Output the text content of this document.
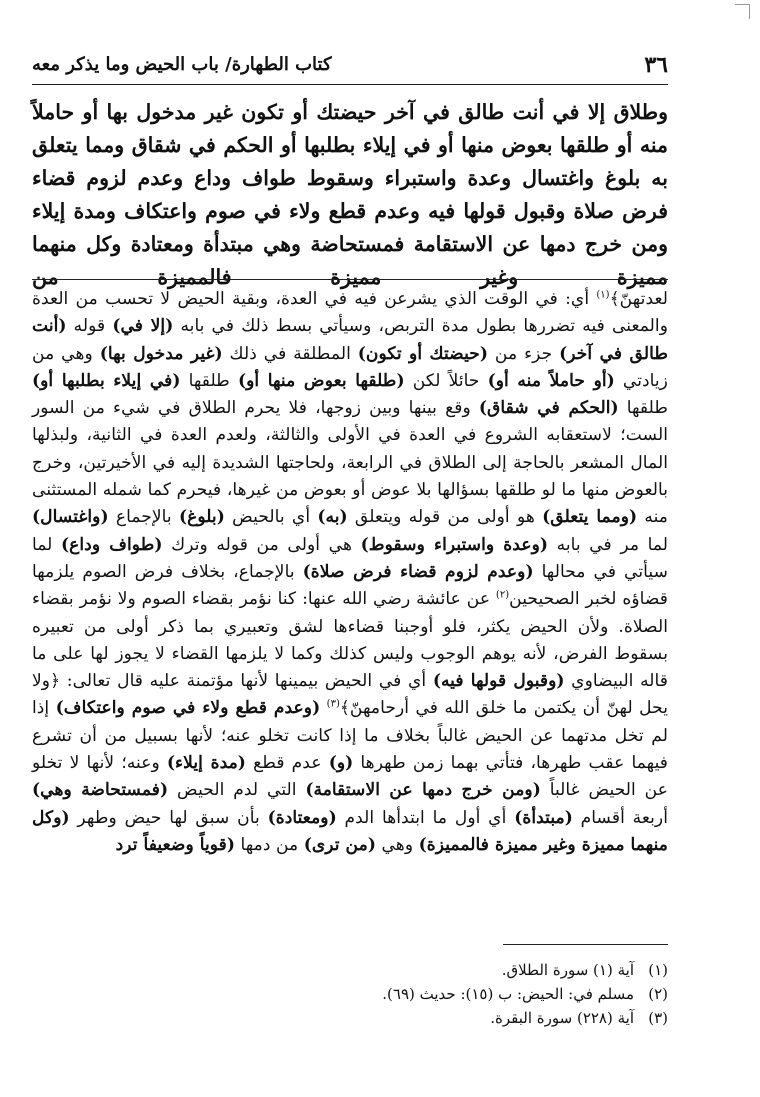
٣٦
كتاب الطهارة/ باب الحيض وما يذكر معه
وطلاق إلا في أنت طالق في آخر حيضتك أو تكون غير مدخول بها أو حاملاً منه أو طلقها بعوض منها أو في إيلاء بطلبها أو الحكم في شقاق ومما يتعلق به بلوغ واغتسال وعدة واستبراء وسقوط طواف وداع وعدم لزوم قضاء فرض صلاة وقبول قولها فيه وعدم قطع ولاء في صوم واعتكاف ومدة إيلاء ومن خرج دمها عن الاستقامة فمستحاضة وهي مبتدأة ومعتادة وكل منهما مميزة وغير مميزة فالمميزة من
لعدتهنّ﴾$^{(١)}$ أي: في الوقت الذي يشرعن فيه في العدة، وبقية الحيض لا تحسب من العدة والمعنى فيه تضررها بطول مدة التربص، وسيأتي بسط ذلك في بابه (إلا في) قوله (أنت طالق في آخر) جزء من (حيضتك أو تكون) المطلقة في ذلك (غير مدخول بها) وهي من زيادتي (أو حاملاً منه أو) حائلاً لكن (طلقها بعوض منها أو) طلقها (في إيلاء بطلبها أو) طلقها (الحكم في شقاق) وقع بينها وبين زوجها، فلا يحرم الطلاق في شيء من السور الست؛ لاستعقابه الشروع في العدة في الأولى والثالثة، ولعدم العدة في الثانية، ولبذلها المال المشعر بالحاجة إلى الطلاق في الرابعة، ولحاجتها الشديدة إليه في الأخيرتين، وخرج بالعوض منها ما لو طلقها بسؤالها بلا عوض أو بعوض من غيرها، فيحرم كما شمله المستثنى منه (ومما يتعلق) هو أولى من قوله ويتعلق (به) أي بالحيض (بلوغ) بالإجماع (واغتسال) لما مر في بابه (وعدة واستبراء وسقوط) هي أولى من قوله وترك (طواف وداع) لما سيأتي في محالها (وعدم لزوم قضاء فرض صلاة) بالإجماع، بخلاف فرض الصوم يلزمها قضاؤه لخبر الصحيحين$^{(٢)}$ عن عائشة رضي الله عنها: كنا نؤمر بقضاء الصوم ولا نؤمر بقضاء الصلاة. ولأن الحيض يكثر، فلو أوجبنا قضاءها لشق وتعبيري بما ذكر أولى من تعبيره بسقوط الفرض، لأنه يوهم الوجوب وليس كذلك وكما لا يلزمها القضاء لا يجوز لها على ما قاله البيضاوي (وقبول قولها فيه) أي في الحيض بيمينها لأنها مؤتمنة عليه قال تعالى: ﴿ولا يحل لهنّ أن يكتمن ما خلق الله في أرحامهنّ﴾$^{(٣)}$ (وعدم قطع ولاء في صوم واعتكاف) إذا لم تخل مدتهما عن الحيض غالباً بخلاف ما إذا كانت تخلو عنه؛ لأنها بسبيل من أن تشرع فيهما عقب طهرها، فتأتي بهما زمن طهرها (و) عدم قطع (مدة إيلاء) وعنه؛ لأنها لا تخلو عن الحيض غالباً (ومن خرج دمها عن الاستقامة) التي لدم الحيض (فمستحاضة وهي) أربعة أقسام (مبتدأة) أي أول ما ابتدأها الدم (ومعتادة) بأن سبق لها حيض وطهر (وكل منهما مميزة وغير مميزة فالمميزة) وهي (من ترى) من دمها (قوياً وضعيفاً ترد
(١)آية (١) سورة الطلاق.
(٢)مسلم في: الحيض: ب (١٥): حديث (٦٩).
(٣)آية (٢٢٨) سورة البقرة.
